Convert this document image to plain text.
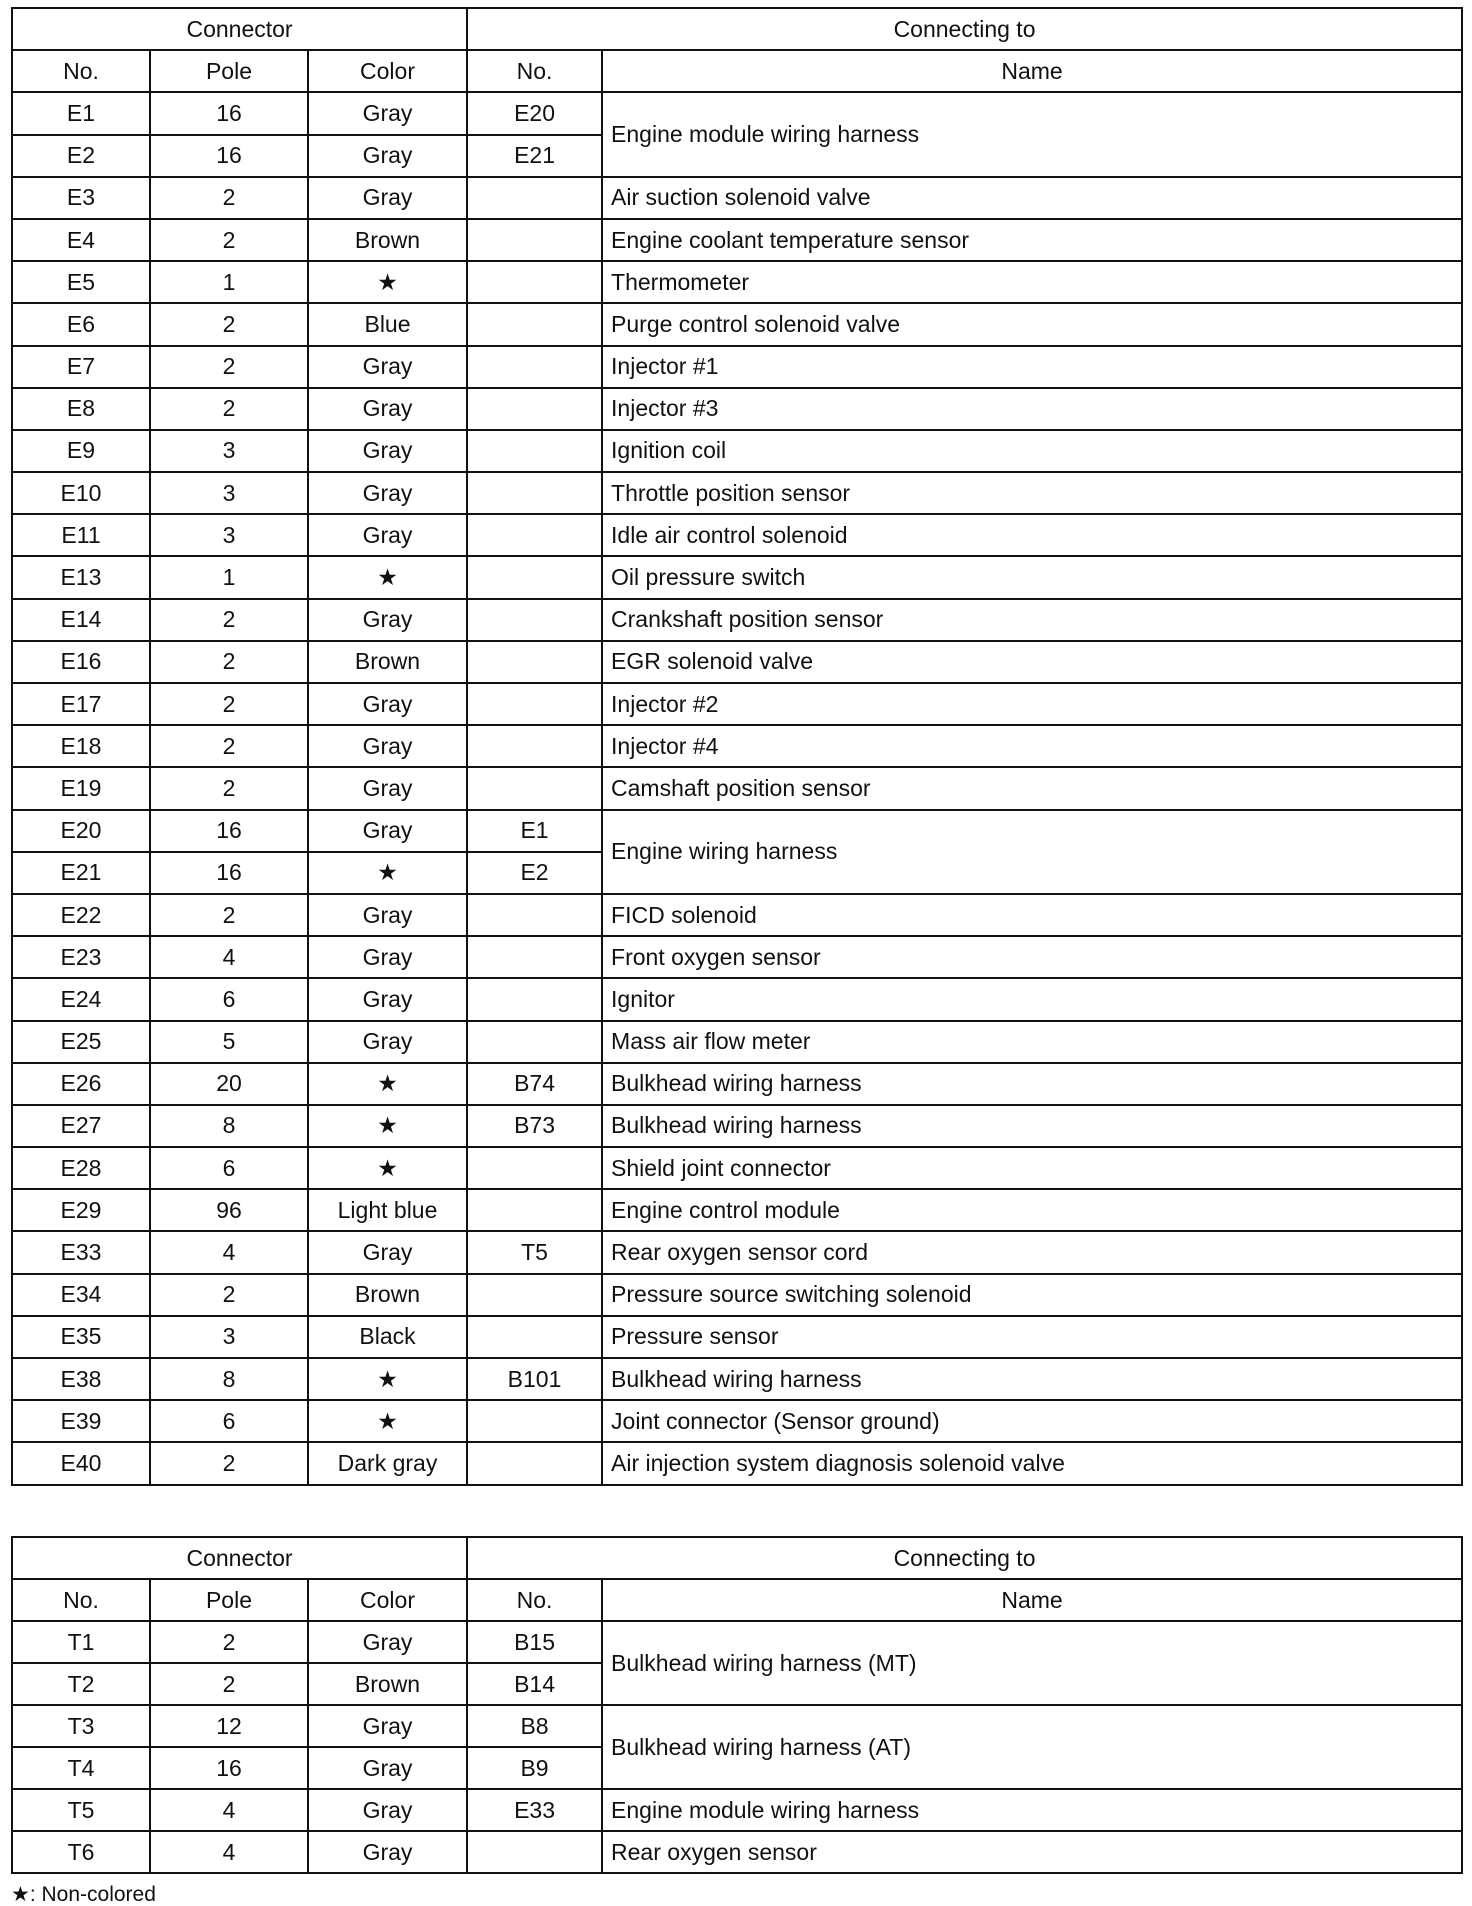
Connector			Connecting to	
No.	Pole	Color	No.	Name
E1	16	Gray	E20	Engine module wiring harness
E2	16	Gray	E21	
E3	2	Gray		Air suction solenoid valve
E4	2	Brown		Engine coolant temperature sensor
E5	1	★		Thermometer
E6	2	Blue		Purge control solenoid valve
E7	2	Gray		Injector #1
E8	2	Gray		Injector #3
E9	3	Gray		Ignition coil
E10	3	Gray		Throttle position sensor
E11	3	Gray		Idle air control solenoid
E13	1	★		Oil pressure switch
E14	2	Gray		Crankshaft position sensor
E16	2	Brown		EGR solenoid valve
E17	2	Gray		Injector #2
E18	2	Gray		Injector #4
E19	2	Gray		Camshaft position sensor
E20	16	Gray	E1	Engine wiring harness
E21	16	★	E2	
E22	2	Gray		FICD solenoid
E23	4	Gray		Front oxygen sensor
E24	6	Gray		Ignitor
E25	5	Gray		Mass air flow meter
E26	20	★	B74	Bulkhead wiring harness
E27	8	★	B73	Bulkhead wiring harness
E28	6	★		Shield joint connector
E29	96	Light blue		Engine control module
E33	4	Gray	T5	Rear oxygen sensor cord
E34	2	Brown		Pressure source switching solenoid
E35	3	Black		Pressure sensor
E38	8	★	B101	Bulkhead wiring harness
E39	6	★		Joint connector (Sensor ground)
E40	2	Dark gray		Air injection system diagnosis solenoid valve
Connector			Connecting to	
No.	Pole	Color	No.	Name
T1	2	Gray	B15	Bulkhead wiring harness (MT)
T2	2	Brown	B14	
T3	12	Gray	B8	Bulkhead wiring harness (AT)
T4	16	Gray	B9	
T5	4	Gray	E33	Engine module wiring harness
T6	4	Gray		Rear oxygen sensor
★: Non-colored
